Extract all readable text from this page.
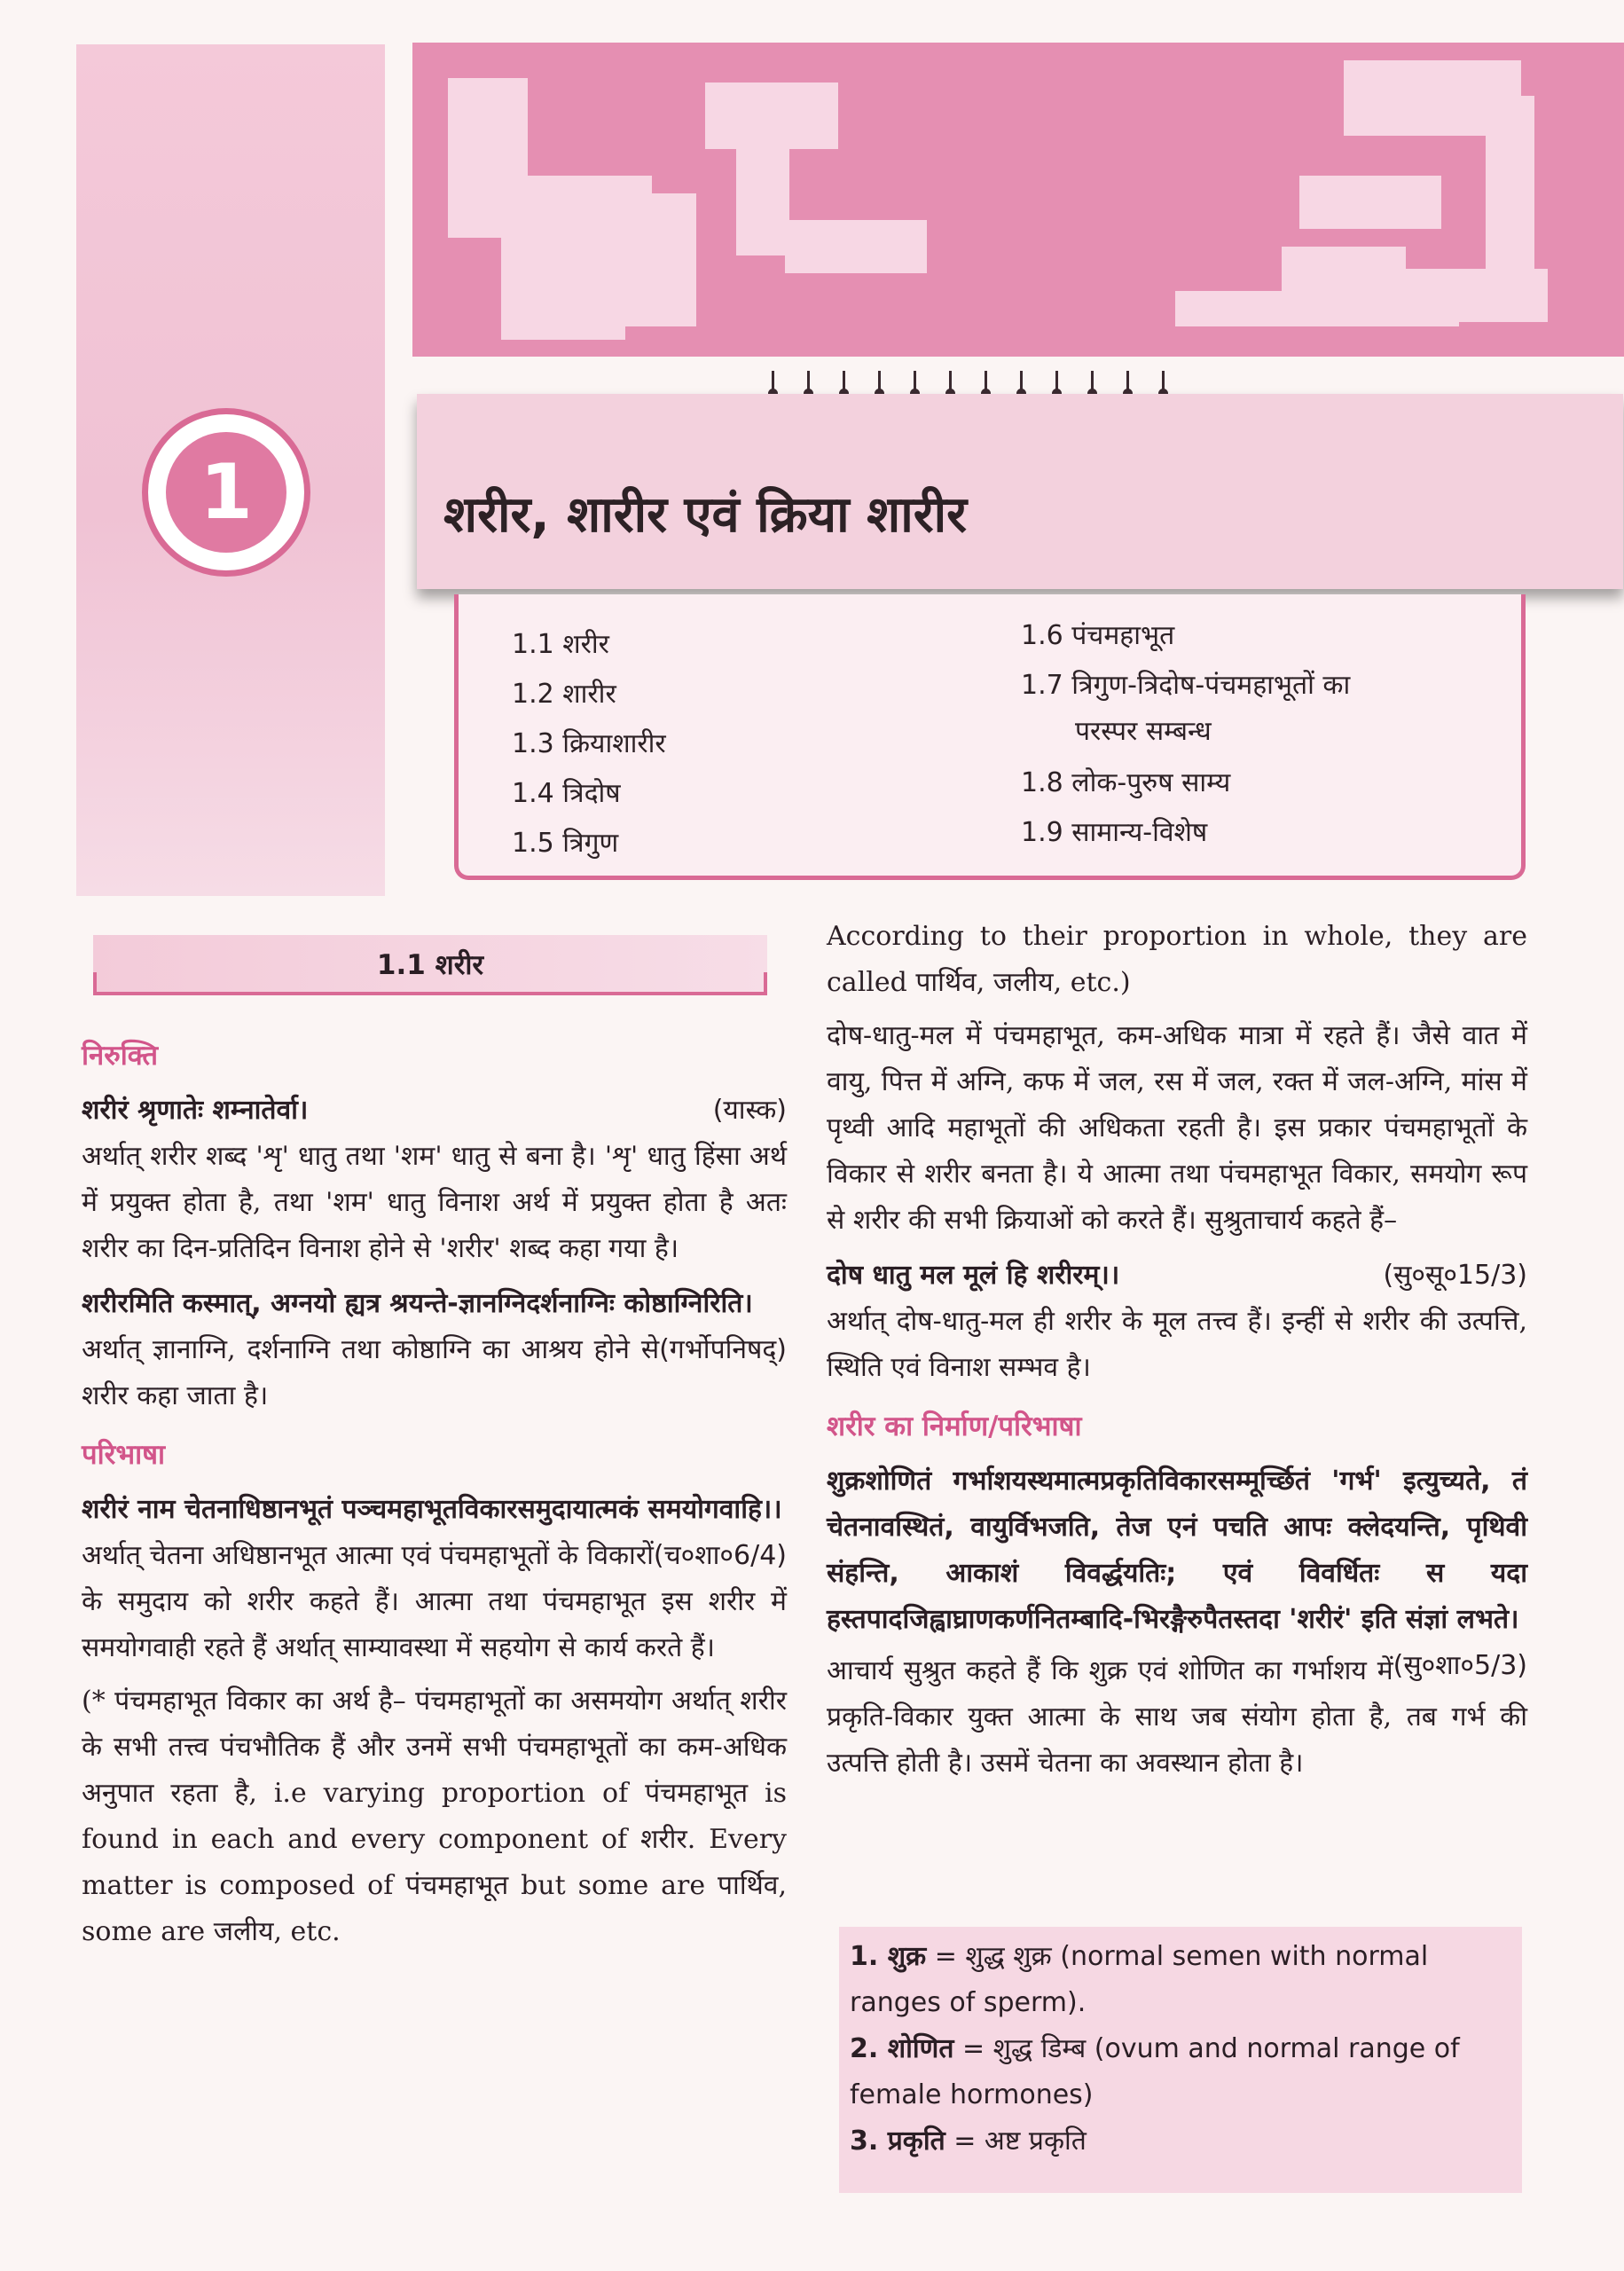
1	शरीर, शारीर एवं क्रिया शारीर
1.1 शरीर
1.2 शारीर
1.3 क्रियाशारीर
1.4 त्रिदोष
1.5 त्रिगुण
1.6 पंचमहाभूत
1.7 त्रिगुण-त्रिदोष-पंचमहाभूतों का
परस्पर सम्बन्ध
1.8 लोक-पुरुष साम्य
1.9 सामान्य-विशेष
1.1 शरीर

निरुक्ति

(यास्क)
शरीरं श्रृणातेः शम्नातेर्वा।

अर्थात् शरीर शब्द 'शृ' धातु तथा 'शम' धातु से बना है। 'शृ' धातु हिंसा अर्थ में प्रयुक्त होता है, तथा 'शम' धातु विनाश अर्थ में प्रयुक्त होता है अतः शरीर का दिन-प्रतिदिन विनाश होने से 'शरीर' शब्द कहा गया है।

शरीरमिति कस्मात्, अग्नयो ह्यत्र श्रयन्ते-ज्ञानग्निदर्शनाग्निः कोष्ठाग्निरिति।
(गर्भोपनिषद्)

अर्थात् ज्ञानाग्नि, दर्शनाग्नि तथा कोष्ठाग्नि का आश्रय होने से शरीर कहा जाता है।

परिभाषा

शरीरं नाम चेतनाधिष्ठानभूतं पञ्चमहाभूतविकारसमुदायात्मकं समयोगवाहि।।
(च०शा०6/4)

अर्थात् चेतना अधिष्ठानभूत आत्मा एवं पंचमहाभूतों के विकारों के समुदाय को शरीर कहते हैं। आत्मा तथा पंचमहाभूत इस शरीर में समयोगवाही रहते हैं अर्थात् साम्यावस्था में सहयोग से कार्य करते हैं।

(* पंचमहाभूत विकार का अर्थ है– पंचमहाभूतों का असमयोग अर्थात् शरीर के सभी तत्त्व पंचभौतिक हैं और उनमें सभी पंचमहाभूतों का कम-अधिक अनुपात रहता है, i.e varying proportion of पंचमहाभूत is found in each and every component of शरीर. Every matter is composed of पंचमहाभूत but some are पार्थिव, some are जलीय, etc.

According to their proportion in whole, they are called पार्थिव, जलीय, etc.)

दोष-धातु-मल में पंचमहाभूत, कम-अधिक मात्रा में रहते हैं। जैसे वात में वायु, पित्त में अग्नि, कफ में जल, रस में जल, रक्त में जल-अग्नि, मांस में पृथ्वी आदि महाभूतों की अधिकता रहती है। इस प्रकार पंचमहाभूतों के विकार से शरीर बनता है। ये आत्मा तथा पंचमहाभूत विकार, समयोग रूप से शरीर की सभी क्रियाओं को करते हैं। सुश्रुताचार्य कहते हैं–

(सु०सू०15/3)
दोष धातु मल मूलं हि शरीरम्।।

अर्थात् दोष-धातु-मल ही शरीर के मूल तत्त्व हैं। इन्हीं से शरीर की उत्पत्ति, स्थिति एवं विनाश सम्भव है।

शरीर का निर्माण/परिभाषा

शुक्रशोणितं गर्भाशयस्थमात्मप्रकृतिविकारसम्मूर्च्छितं 'गर्भ' इत्युच्यते, तं चेतनावस्थितं, वायुर्विभजति, तेज एनं पचति आपः क्लेदयन्ति, पृथिवी संहन्ति, आकाशं विवर्द्धयतिः; एवं विवर्धितः स यदा हस्तपादजिह्वाघ्राणकर्णनितम्बादि-भिरङ्गैरुपैतस्तदा 'शरीरं' इति संज्ञां लभते।
(सु०शा०5/3)

आचार्य सुश्रुत कहते हैं कि शुक्र एवं शोणित का गर्भाशय में प्रकृति-विकार युक्त आत्मा के साथ जब संयोग होता है, तब गर्भ की उत्पत्ति होती है। उसमें चेतना का अवस्थान होता है।

1. शुक्र = शुद्ध शुक्र (normal semen with normal ranges of sperm).
2. शोणित = शुद्ध डिम्ब (ovum and normal range of female hormones)
3. प्रकृति = अष्ट प्रकृति
